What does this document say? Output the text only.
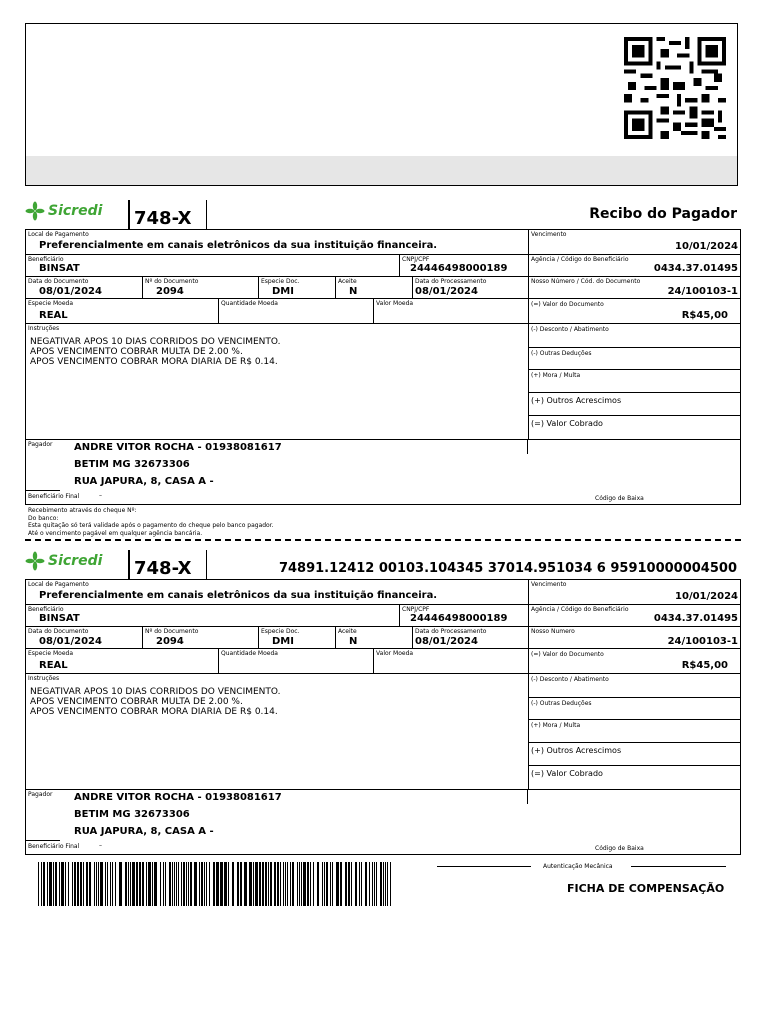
Sicredi 748-X	Recibo do Pagador
Local de Pagamento
Preferencialmente em canais eletrônicos da sua instituição financeira.
Vencimento
10/01/2024
Beneficiário
BINSAT
CNPJ/CPF
24446498000189
Agência / Código do Beneficiário
0434.37.01495
Data do Documento
08/01/2024
Nº do Documento
2094
Especie Doc.
DMI
Aceite
N
Data do Processamento
08/01/2024
Nosso Número / Cód. do Documento
24/100103-1
Especie Moeda
REAL
Quantidade Moeda	Valor Moeda	(=) Valor do Documento
R$45,00
Instruções
NEGATIVAR APOS 10 DIAS CORRIDOS DO VENCIMENTO.
APOS VENCIMENTO COBRAR MULTA DE 2.00 %.
APOS VENCIMENTO COBRAR MORA DIARIA DE R$ 0.14.
(-) Desconto / Abatimento
(-) Outras Deduções
(+) Mora / Multa
(+) Outros Acrescimos
(=) Valor Cobrado
Pagador ANDRE VITOR ROCHA - 01938081617
BETIM MG 32673306
RUA JAPURA, 8, CASA A -
Beneficiário Final	–	Código de Baixa
Recebimento através do cheque Nº:
Do banco:
Esta quitação só terá validade após o pagamento do cheque pelo banco pagador.
Até o vencimento pagável em qualquer agência bancária.
Sicredi 748-X	74891.12412 00103.104345 37014.951034 6 95910000004500
Local de Pagamento
Preferencialmente em canais eletrônicos da sua instituição financeira.
Vencimento
10/01/2024
Beneficiário
BINSAT
CNPJ/CPF
24446498000189
Agência / Código do Beneficiário
0434.37.01495
Data do Documento
08/01/2024
Nº do Documento
2094
Especie Doc.
DMI
Aceite
N
Data do Processamento
08/01/2024
Nosso Numero
24/100103-1
Especie Moeda
REAL
Quantidade Moeda	Valor Moeda	(=) Valor do Documento
R$45,00
Instruções
NEGATIVAR APOS 10 DIAS CORRIDOS DO VENCIMENTO.
APOS VENCIMENTO COBRAR MULTA DE 2.00 %.
APOS VENCIMENTO COBRAR MORA DIARIA DE R$ 0.14.
(-) Desconto / Abatimento
(-) Outras Deduções
(+) Mora / Multa
(+) Outros Acrescimos
(=) Valor Cobrado
Pagador ANDRE VITOR ROCHA - 01938081617
BETIM MG 32673306
RUA JAPURA, 8, CASA A -
Beneficiário Final	–	Código de Baixa
Autenticação Mecânica
FICHA DE COMPENSAÇÃO
